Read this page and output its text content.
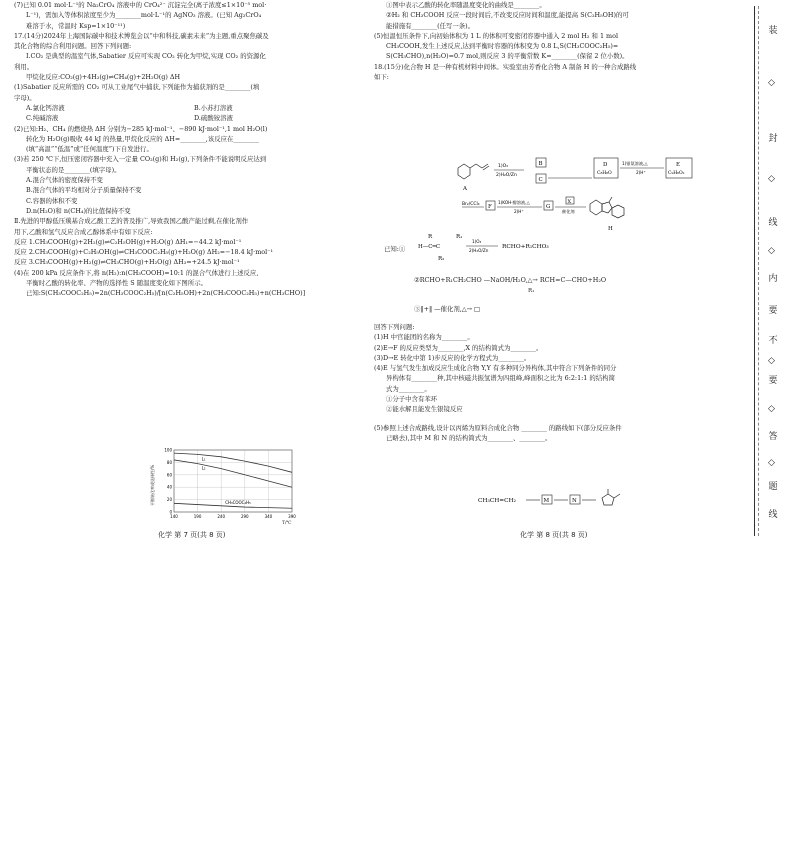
(7)已知 0.01 mol·L⁻¹的 Na₂CrO₄ 溶液中的 CrO₄²⁻ 沉淀完全(离子浓度≤1×10⁻⁵ mol·
L⁻¹)，需加入等体积浓度至少为________mol·L⁻¹的 AgNO₃ 溶液。(已知 Ag₂CrO₄
难溶于水，常温时 Ksp=1×10⁻¹¹)
17.(14分)2024年上海国际碳中和技术博览会以“中和科技,碳素未来”为主题,重点聚焦碳及
其化合物的综合利用问题。回答下列问题:
Ⅰ.CO₂ 是典型的温室气体,Sabatier 反应可实现 CO₂ 转化为甲烷,实现 CO₂ 的资源化
利用。
甲烷化反应:CO₂(g)+4H₂(g)⇌CH₄(g)+2H₂O(g) ΔH
(1)Sabatier 反应所需的 CO₂ 可从工业尾气中捕获,下列能作为捕获剂的是________(填
字母)。
A.氯化钙溶液	B.小苏打溶液
C.纯碱溶液	D.硫酸铵溶液
(2)已知:H₂、CH₄ 的燃烧热 ΔH 分别为−285 kJ·mol⁻¹、−890 kJ·mol⁻¹,1 mol H₂O(l)
转化为 H₂O(g)吸收 44 kJ 的热量,甲烷化反应的 ΔH=________,该反应在________
(填“高温”“低温”或“任何温度”)下自发进行。
(3)若 250 ℃下,恒压密闭容器中充入一定量 CO₂(g)和 H₂(g),下列条件不能说明反应达到
平衡状态的是________(填字母)。
A.混合气体的密度保持不变
B.混合气体的平均相对分子质量保持不变
C.容器的体积不变
D.n(H₂O)和 n(CH₄)的比值保持不变
Ⅱ.先进的甲醇低压羰基合成乙酸工艺的普及推广,导致我国乙酸产能过剩,在催化剂作
用下,乙酸和氢气反应合成乙醇体系中有如下反应:
反应 1.CH₃COOH(g)+2H₂(g)⇌C₂H₅OH(g)+H₂O(g) ΔH₁=−44.2 kJ·mol⁻¹
反应 2.CH₃COOH(g)+C₂H₅OH(g)⇌CH₃COOC₂H₅(g)+H₂O(g) ΔH₂=−18.4 kJ·mol⁻¹
反应 3.CH₃COOH(g)+H₂(g)⇌CH₃CHO(g)+H₂O(g) ΔH₃=+24.5 kJ·mol⁻¹
(4)在 200 kPa 反应条件下,将 n(H₂):n(CH₃COOH)=10:1 的混合气体进行上述反应,
平衡时乙酸的转化率、产物的选择性 S 随温度变化如下图所示。
已知:S(CH₃COOC₂H₅)=2n(CH₃COOC₂H₅)/[n(C₂H₅OH)+2n(CH₃COOC₂H₅)+n(CH₃CHO)]
L₁
L₂
CH₃COOC₂H₅
0
20
40
60
80
100
140	190	240	290	340	390
平衡转化率或选择性/%
T/℃
化学 第 7 页(共 8 页)
①图中表示乙酸的转化率随温度变化的曲线是________。
②H₂ 和 CH₃COOH 反应一段时间后,不改变反应时间和温度,能提高 S(C₂H₅OH)的可
能措施有________(任写一条)。
(5)恒温恒压条件下,向初始体积为 1 L 的体积可变密闭容器中通入 2 mol H₂ 和 1 mol
CH₃COOH,发生上述反应,达到平衡时容器的体积变为 0.8 L,S(CH₃COOC₂H₅)=
S(CH₃CHO),n(H₂O)=0.7 mol,则反应 3 的平衡常数 K=________(保留 2 位小数)。
18.(15分)化合物 H 是一种有机材料中间体。实验室由芳香化合物 A 制备 H 的一种合成路线
如下:
A
1)O₃
2)H₂O/Zn
B
C
D
C₈H₈O
1)银氨溶液,△
2)H⁺
E
C₉H₈O₂
Br₂/CCl₄ F
1)KOH·醇溶液,△
2)H⁺
G
X
催化剂
H
已知:①
R	R₁
H—C═C
R₂
1)O₃
2)H₂O/Zn
RCHO+R₁CHO₃
②RCHO+R₁CH₂CHO —NaOH/H₂O,△→ RCH=C—CHO+H₂O
R₁
③‖+‖ —催化剂,△→ □
回答下列问题:
(1)H 中官能团的名称为________。
(2)E→F 的反应类型为________,X 的结构简式为________。
(3)D→E 转化中第 1)步反应的化学方程式为________。
(4)E 与氢气发生加成反应生成化合物 Y,Y 有多种同分异构体,其中符合下列条件的同分
异构体有________种,其中核磁共振氢谱为四组峰,峰面积之比为 6:2:1:1 的结构简
式为________。
①分子中含有苯环
②能水解且能发生银镜反应
(5)参照上述合成路线,设计以丙烯为原料合成化合物 ________ 的路线如下(部分反应条件
已略去),其中 M 和 N 的结构简式为________、________。
CH₃CH=CH₂	M	N
化学 第 8 页(共 8 页)
装
◇
封
◇
线
◇
内
要
不
◇
要
◇
答
◇
题
线
